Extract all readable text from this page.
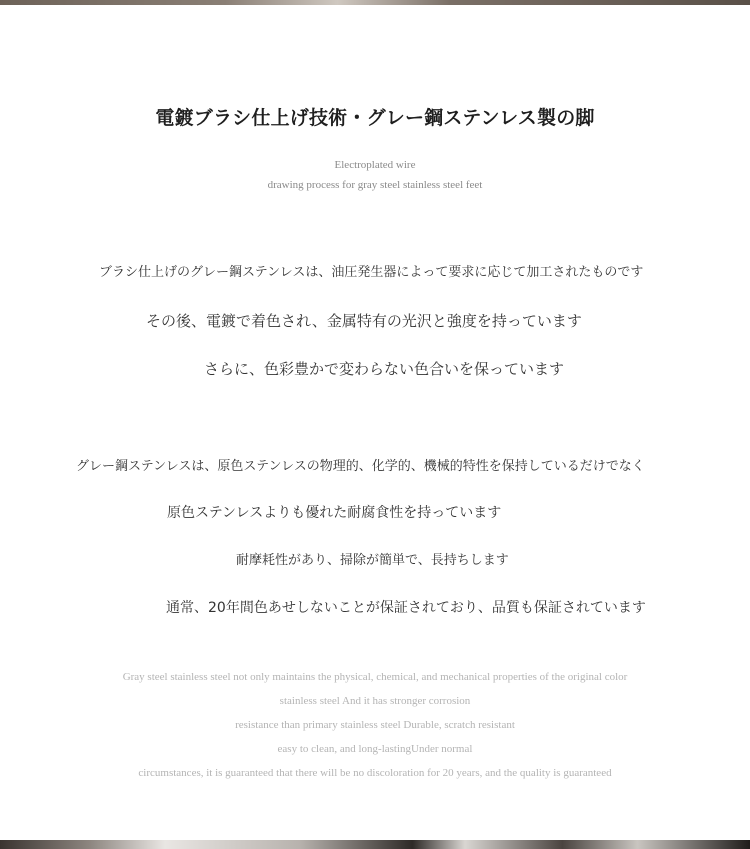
電鍍ブラシ仕上げ技術・グレー鋼ステンレス製の脚

Electroplated wire

drawing process for gray steel stainless steel feet

ブラシ仕上げのグレー鋼ステンレスは、油圧発生器によって要求に応じて加工されたものです

その後、電鍍で着色され、金属特有の光沢と強度を持っています

さらに、色彩豊かで変わらない色合いを保っています

グレー鋼ステンレスは、原色ステンレスの物理的、化学的、機械的特性を保持しているだけでなく

原色ステンレスよりも優れた耐腐食性を持っています

耐摩耗性があり、掃除が簡単で、長持ちします

通常、20年間色あせしないことが保証されており、品質も保証されています

Gray steel stainless steel not only maintains the physical, chemical, and mechanical properties of the original color

stainless steel And it has stronger corrosion

resistance than primary stainless steel Durable, scratch resistant

easy to clean, and long-lastingUnder normal

circumstances, it is guaranteed that there will be no discoloration for 20 years, and the quality is guaranteed
